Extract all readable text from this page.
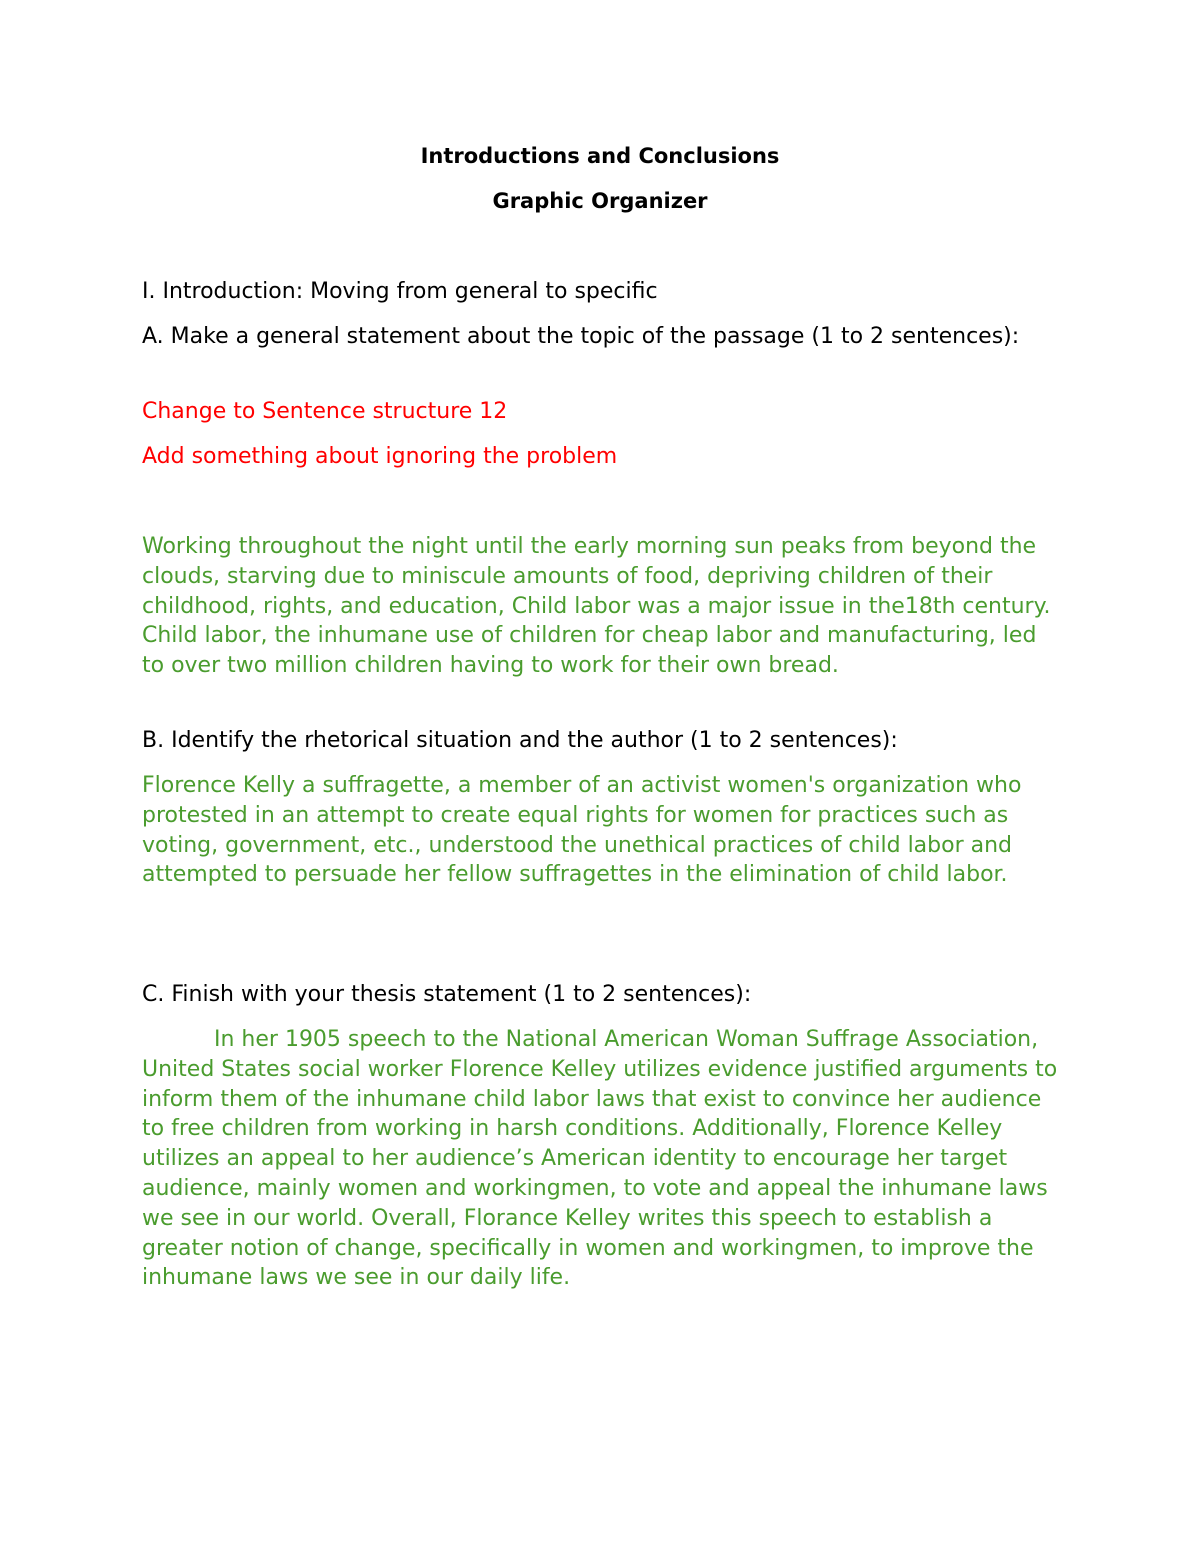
Introductions and Conclusions
Graphic Organizer

I. Introduction: Moving from general to specific

A. Make a general statement about the topic of the passage (1 to 2 sentences):

Change to Sentence structure 12

Add something about ignoring the problem

Working throughout the night until the early morning sun peaks from beyond the clouds, starving due to miniscule amounts of food, depriving children of their childhood, rights, and education, Child labor was a major issue in the18th century. Child labor, the inhumane use of children for cheap labor and manufacturing, led to over two million children having to work for their own bread.

B. Identify the rhetorical situation and the author (1 to 2 sentences):

Florence Kelly a suffragette, a member of an activist women's organization who protested in an attempt to create equal rights for women for practices such as voting, government, etc., understood the unethical practices of child labor and attempted to persuade her fellow suffragettes in the elimination of child labor.

C. Finish with your thesis statement (1 to 2 sentences):

In her 1905 speech to the National American Woman Suffrage Association, United States social worker Florence Kelley utilizes evidence justified arguments to inform them of the inhumane child labor laws that exist to convince her audience to free children from working in harsh conditions. Additionally, Florence Kelley utilizes an appeal to her audience’s American identity to encourage her target audience, mainly women and workingmen, to vote and appeal the inhumane laws we see in our world. Overall, Florance Kelley writes this speech to establish a greater notion of change, specifically in women and workingmen, to improve the inhumane laws we see in our daily life.
